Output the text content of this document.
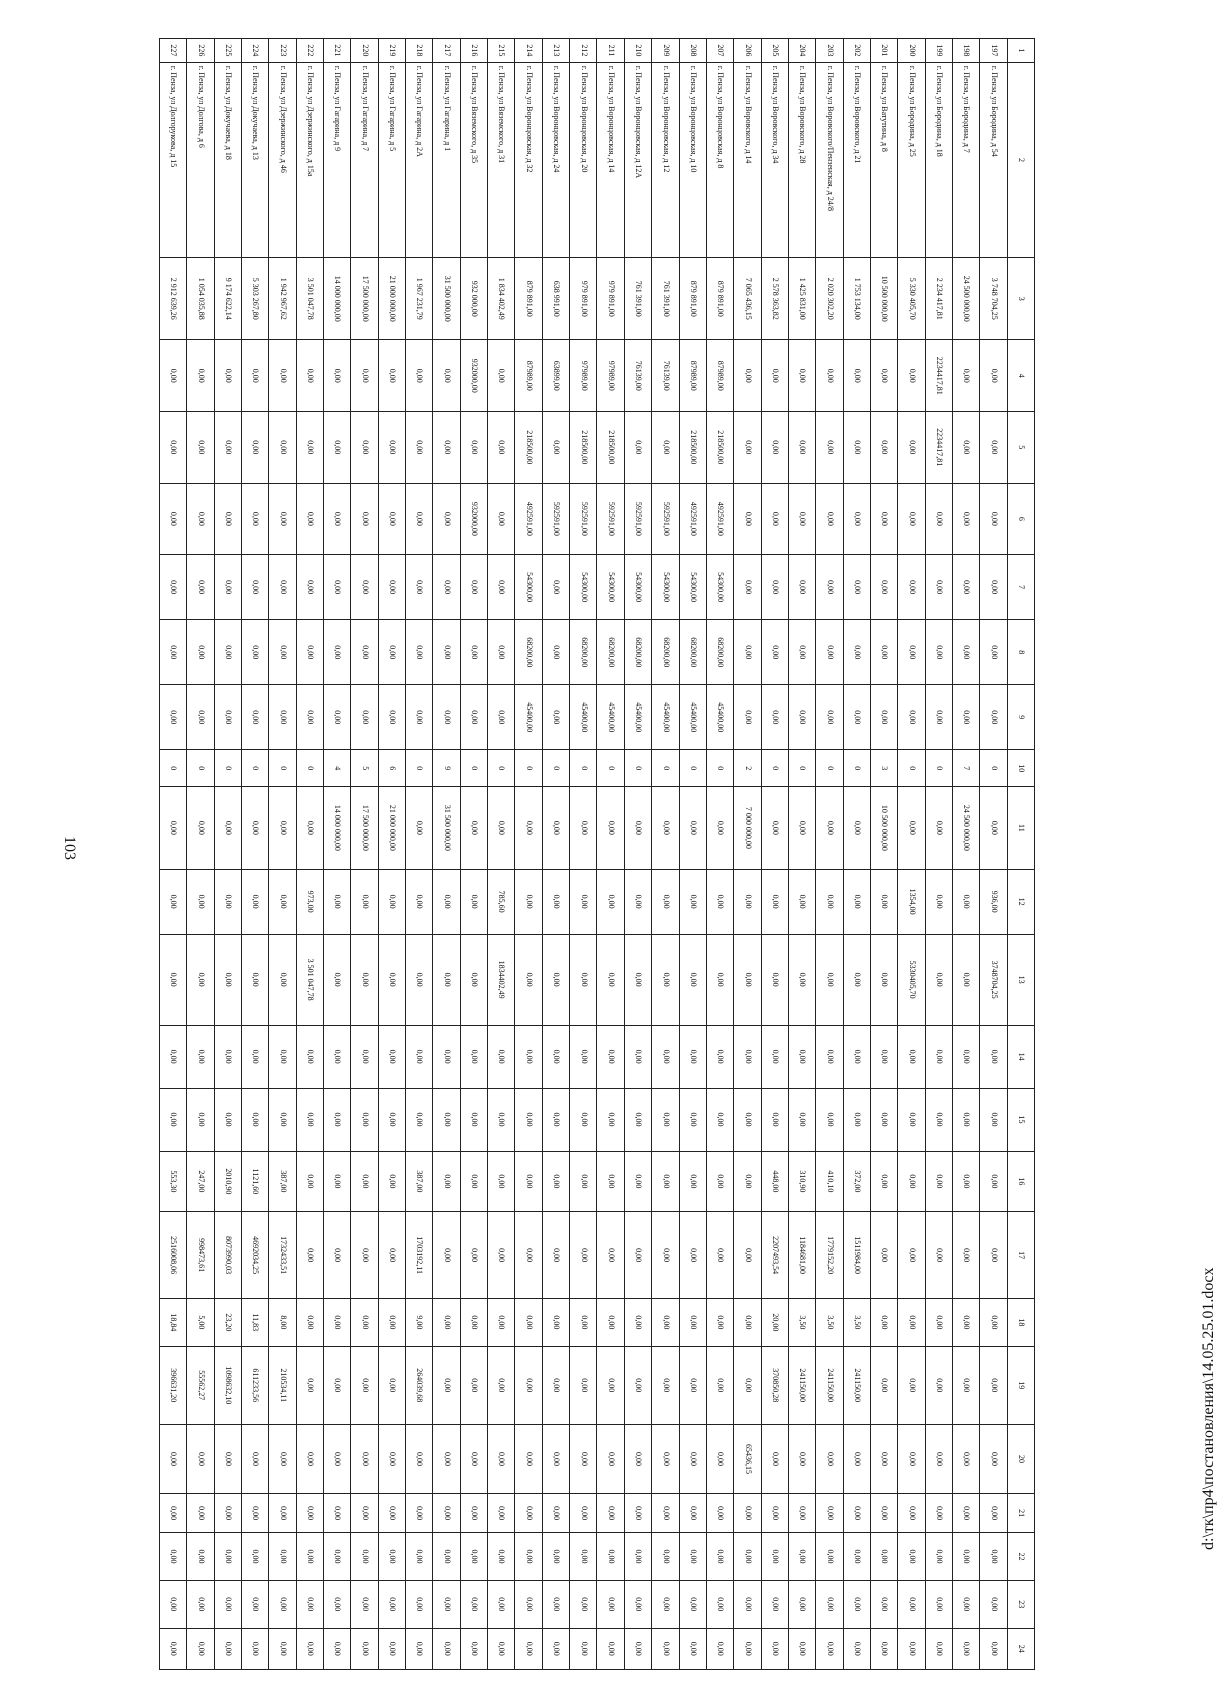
103
1	2	3	4	5	6	7	8	9	10	11	12	13	14	15	16	17	18	19	20	21	22	23	24
197	г. Пенза, ул Бородина, д 54	3 748 704,25	0,00	0,00	0,00	0,00	0,00	0,00	0	0,00	936,00	3748704,25	0,00	0,00	0,00	0,00	0,00	0,00	0,00	0,00	0,00	0,00	0,00
198	г. Пенза, ул Бородина, д 7	24 500 000,00	0,00	0,00	0,00	0,00	0,00	0,00	7	24 500 000,00	0,00	0,00	0,00	0,00	0,00	0,00	0,00	0,00	0,00	0,00	0,00	0,00	0,00
199	г. Пенза, ул Бородина, д 18	2 234 417,81	2234417,81	2234417,81	0,00	0,00	0,00	0,00	0	0,00	0,00	0,00	0,00	0,00	0,00	0,00	0,00	0,00	0,00	0,00	0,00	0,00	0,00
200	г. Пенза, ул Бородина, д 25	5 330 405,70	0,00	0,00	0,00	0,00	0,00	0,00	0	0,00	1354,00	5330405,70	0,00	0,00	0,00	0,00	0,00	0,00	0,00	0,00	0,00	0,00	0,00
201	г. Пенза, ул Ватутина, д 8	10 500 000,00	0,00	0,00	0,00	0,00	0,00	0,00	3	10 500 000,00	0,00	0,00	0,00	0,00	0,00	0,00	0,00	0,00	0,00	0,00	0,00	0,00	0,00
202	г. Пенза, ул Воровского, д 21	1 753 134,00	0,00	0,00	0,00	0,00	0,00	0,00	0	0,00	0,00	0,00	0,00	0,00	372,00	1511984,00	3,50	241150,00	0,00	0,00	0,00	0,00	0,00
203	г. Пенза, ул Воровского/Пензенская, д 24/8	2 020 302,20	0,00	0,00	0,00	0,00	0,00	0,00	0	0,00	0,00	0,00	0,00	0,00	410,10	1779152,20	3,50	241150,00	0,00	0,00	0,00	0,00	0,00
204	г. Пенза, ул Воровского, д 28	1 425 831,00	0,00	0,00	0,00	0,00	0,00	0,00	0	0,00	0,00	0,00	0,00	0,00	310,90	1184681,00	3,50	241150,00	0,00	0,00	0,00	0,00	0,00
205	г. Пенза, ул Воровского, д 34	2 578 363,82	0,00	0,00	0,00	0,00	0,00	0,00	0	0,00	0,00	0,00	0,00	0,00	448,00	2207493,54	20,00	370850,28	0,00	0,00	0,00	0,00	0,00
206	г. Пенза, ул Воровского, д 14	7 065 436,15	0,00	0,00	0,00	0,00	0,00	0,00	2	7 000 000,00	0,00	0,00	0,00	0,00	0,00	0,00	0,00	0,00	65436,15	0,00	0,00	0,00	0,00
207	г. Пенза, ул Воронцовская, д 8	879 891,00	87989,00	218500,00	492591,00	54300,00	68200,00	45400,00	0	0,00	0,00	0,00	0,00	0,00	0,00	0,00	0,00	0,00	0,00	0,00	0,00	0,00	0,00
208	г. Пенза, ул Воронцовская, д 10	879 891,00	87989,00	218500,00	492591,00	54300,00	68200,00	45400,00	0	0,00	0,00	0,00	0,00	0,00	0,00	0,00	0,00	0,00	0,00	0,00	0,00	0,00	0,00
209	г. Пенза, ул Воронцовская, д 12	761 391,00	76139,00	0,00	592591,00	54300,00	68200,00	45400,00	0	0,00	0,00	0,00	0,00	0,00	0,00	0,00	0,00	0,00	0,00	0,00	0,00	0,00	0,00
210	г. Пенза, ул Воронцовская, д 12А	761 391,00	76139,00	0,00	592591,00	54300,00	68200,00	45400,00	0	0,00	0,00	0,00	0,00	0,00	0,00	0,00	0,00	0,00	0,00	0,00	0,00	0,00	0,00
211	г. Пенза, ул Воронцовская, д 14	979 891,00	97989,00	218500,00	592591,00	54300,00	68200,00	45400,00	0	0,00	0,00	0,00	0,00	0,00	0,00	0,00	0,00	0,00	0,00	0,00	0,00	0,00	0,00
212	г. Пенза, ул Воронцовская, д 20	979 891,00	97989,00	218500,00	592591,00	54300,00	68200,00	45400,00	0	0,00	0,00	0,00	0,00	0,00	0,00	0,00	0,00	0,00	0,00	0,00	0,00	0,00	0,00
213	г. Пенза, ул Воронцовская, д 24	638 991,00	63899,00	0,00	592591,00	0,00	0,00	0,00	0	0,00	0,00	0,00	0,00	0,00	0,00	0,00	0,00	0,00	0,00	0,00	0,00	0,00	0,00
214	г. Пенза, ул Воронцовская, д 32	879 891,00	87989,00	218500,00	492591,00	54300,00	68200,00	45400,00	0	0,00	0,00	0,00	0,00	0,00	0,00	0,00	0,00	0,00	0,00	0,00	0,00	0,00	0,00
215	г. Пенза, ул Вяземского, д 31	1 834 402,49	0,00	0,00	0,00	0,00	0,00	0,00	0	0,00	785,60	1834402,49	0,00	0,00	0,00	0,00	0,00	0,00	0,00	0,00	0,00	0,00	0,00
216	г. Пенза, ул Вяземского, д 35	932 000,00	932000,00	0,00	932000,00	0,00	0,00	0,00	0	0,00	0,00	0,00	0,00	0,00	0,00	0,00	0,00	0,00	0,00	0,00	0,00	0,00	0,00
217	г. Пенза, ул Гагарина, д 1	31 500 000,00	0,00	0,00	0,00	0,00	0,00	0,00	9	31 500 000,00	0,00	0,00	0,00	0,00	0,00	0,00	0,00	0,00	0,00	0,00	0,00	0,00	0,00
218	г. Пенза, ул Гагарина, д 2А	1 967 231,79	0,00	0,00	0,00	0,00	0,00	0,00	0	0,00	0,00	0,00	0,00	0,00	387,00	1703192,11	9,00	264039,68	0,00	0,00	0,00	0,00	0,00
219	г. Пенза, ул Гагарина, д 5	21 000 000,00	0,00	0,00	0,00	0,00	0,00	0,00	6	21 000 000,00	0,00	0,00	0,00	0,00	0,00	0,00	0,00	0,00	0,00	0,00	0,00	0,00	0,00
220	г. Пенза, ул Гагарина, д 7	17 500 000,00	0,00	0,00	0,00	0,00	0,00	0,00	5	17 500 000,00	0,00	0,00	0,00	0,00	0,00	0,00	0,00	0,00	0,00	0,00	0,00	0,00	0,00
221	г. Пенза, ул Гагарина, д 9	14 000 000,00	0,00	0,00	0,00	0,00	0,00	0,00	4	14 000 000,00	0,00	0,00	0,00	0,00	0,00	0,00	0,00	0,00	0,00	0,00	0,00	0,00	0,00
222	г. Пенза, ул Дзержинского, д 15а	3 501 047,78	0,00	0,00	0,00	0,00	0,00	0,00	0	0,00	973,00	3 501 047,78	0,00	0,00	0,00	0,00	0,00	0,00	0,00	0,00	0,00	0,00	0,00
223	г. Пенза, ул Дзержинского, д 46	1 942 967,62	0,00	0,00	0,00	0,00	0,00	0,00	0	0,00	0,00	0,00	0,00	0,00	387,00	1732433,51	8,00	210534,11	0,00	0,00	0,00	0,00	0,00
224	г. Пенза, ул Докучаева, д 13	5 303 267,80	0,00	0,00	0,00	0,00	0,00	0,00	0	0,00	0,00	0,00	0,00	0,00	1121,60	4692034,25	11,83	611233,56	0,00	0,00	0,00	0,00	0,00
225	г. Пенза, ул Докучаева, д 18	9 174 622,14	0,00	0,00	0,00	0,00	0,00	0,00	0	0,00	0,00	0,00	0,00	0,00	2010,90	8073990,03	23,20	1098632,10	0,00	0,00	0,00	0,00	0,00
226	г. Пенза, ул Долгова, д 6	1 054 035,88	0,00	0,00	0,00	0,00	0,00	0,00	0	0,00	0,00	0,00	0,00	0,00	247,00	998473,61	5,00	55562,27	0,00	0,00	0,00	0,00	0,00
227	г. Пенза, ул Долгорукова, д 15	2 912 639,26	0,00	0,00	0,00	0,00	0,00	0,00	0	0,00	0,00	0,00	0,00	0,00	553,30	2516008,06	18,84	396631,20	0,00	0,00	0,00	0,00	0,00
d:\тк\пр4\постановления\14.05.25.01.docx
